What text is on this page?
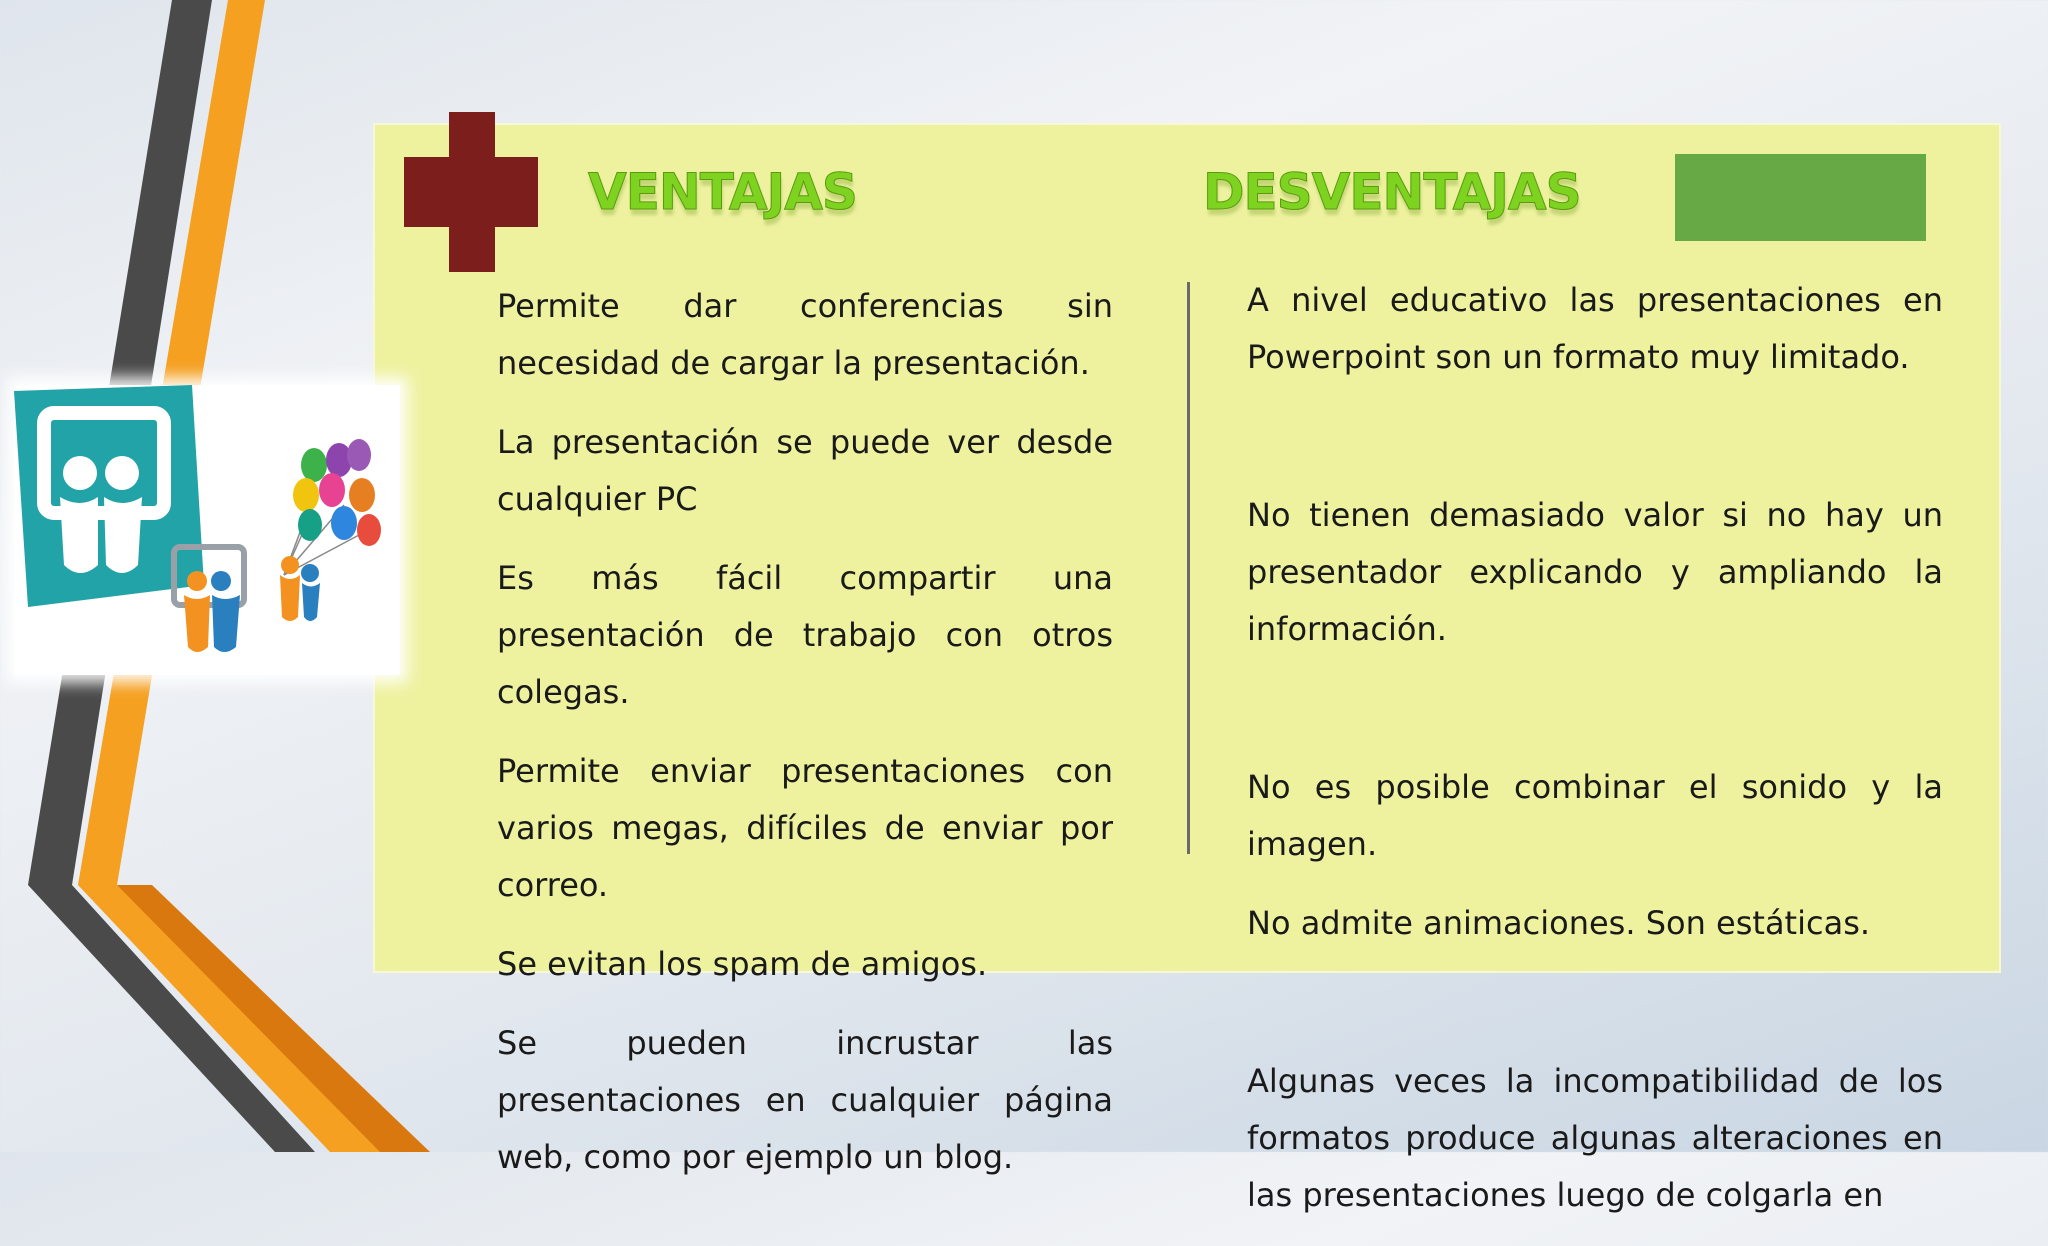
VENTAJAS	DESVENTAJAS

Permite dar conferencias sin necesidad de cargar la presentación.

La presentación se puede ver desde cualquier PC

Es más fácil compartir una presentación de trabajo con otros colegas.

Permite enviar presentaciones con varios megas, difíciles de enviar por correo.

Se evitan los spam de amigos.

Se pueden incrustar las presentaciones en cualquier página web, como por ejemplo un blog.

A nivel educativo las presentaciones en Powerpoint son un formato muy limitado.

No tienen demasiado valor si no hay un presentador explicando y ampliando la información.

No es posible combinar el sonido y la imagen.

No admite animaciones. Son estáticas.

Algunas veces la incompatibilidad de los formatos produce algunas alteraciones en las presentaciones luego de colgarla en
